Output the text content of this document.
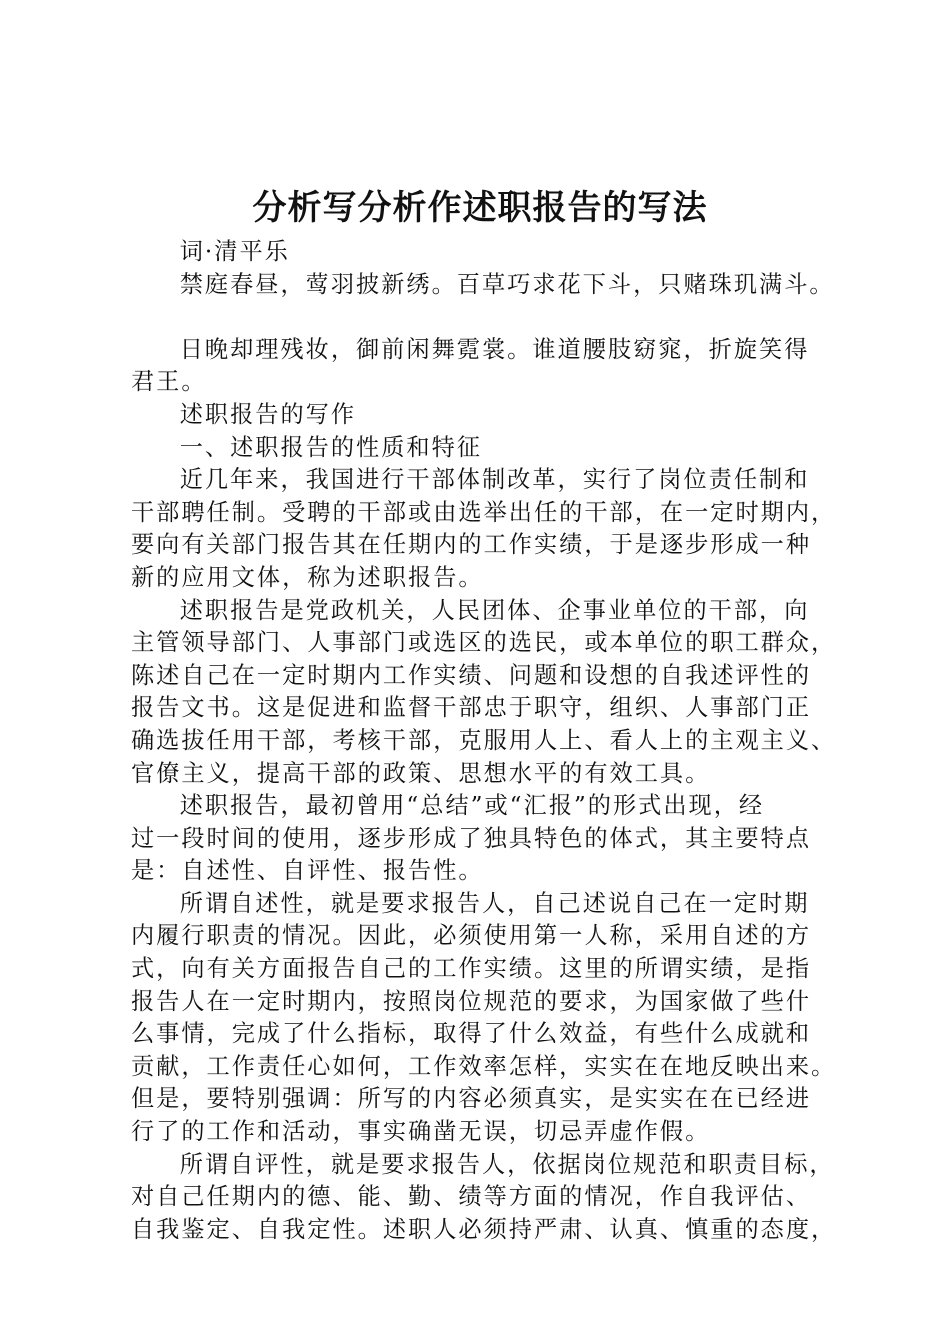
分析写分析作述职报告的写法
词·清平乐
禁庭春昼，莺羽披新绣。百草巧求花下斗，只赌珠玑满斗。

日晚却理残妆，御前闲舞霓裳。谁道腰肢窈窕，折旋笑得
君王。
述职报告的写作
一、述职报告的性质和特征
近几年来，我国进行干部体制改革，实行了岗位责任制和
干部聘任制。受聘的干部或由选举出任的干部，在一定时期内，
要向有关部门报告其在任期内的工作实绩，于是逐步形成一种
新的应用文体，称为述职报告。
述职报告是党政机关，人民团体、企事业单位的干部，向
主管领导部门、人事部门或选区的选民，或本单位的职工群众，
陈述自己在一定时期内工作实绩、问题和设想的自我述评性的
报告文书。这是促进和监督干部忠于职守，组织、人事部门正
确选拔任用干部，考核干部，克服用人上、看人上的主观主义、
官僚主义，提高干部的政策、思想水平的有效工具。
述职报告，最初曾用“总结”或“汇报”的形式出现，经
过一段时间的使用，逐步形成了独具特色的体式，其主要特点
是：自述性、自评性、报告性。
所谓自述性，就是要求报告人，自己述说自己在一定时期
内履行职责的情况。因此，必须使用第一人称，采用自述的方
式，向有关方面报告自己的工作实绩。这里的所谓实绩，是指
报告人在一定时期内，按照岗位规范的要求，为国家做了些什
么事情，完成了什么指标，取得了什么效益，有些什么成就和
贡献，工作责任心如何，工作效率怎样，实实在在地反映出来。
但是，要特别强调：所写的内容必须真实，是实实在在已经进
行了的工作和活动，事实确凿无误，切忌弄虚作假。
所谓自评性，就是要求报告人，依据岗位规范和职责目标，
对自己任期内的德、能、勤、绩等方面的情况，作自我评估、
自我鉴定、自我定性。述职人必须持严肃、认真、慎重的态度，
